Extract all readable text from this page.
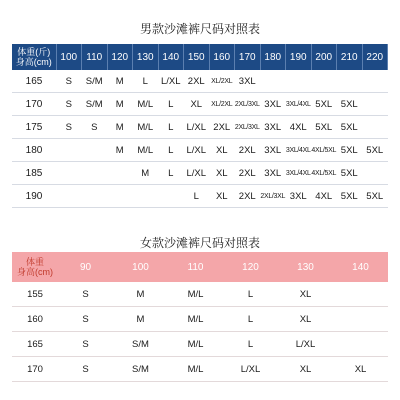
男款沙滩裤尺码对照表
体重(斤)
身高(cm)	100	110	120	130	140	150	160	170	180	190	200	210	220
165	S	S/M	M	L	L/XL	2XL	XL/2XL	3XL					
170	S	S/M	M	M/L	L	XL	XL/2XL	2XL/3XL	3XL	3XL/4XL	5XL	5XL	
175	S	S	M	M/L	L	L/XL	2XL	2XL/3XL	3XL	4XL	5XL	5XL	
180			M	M/L	L	L/XL	XL	2XL	3XL	3XL/4XL	4XL/5XL	5XL	5XL
185				M	L	L/XL	XL	2XL	3XL	3XL/4XL	4XL/5XL	5XL	
190						L	XL	2XL	2XL/3XL	3XL	4XL	5XL	5XL
女款沙滩裤尺码对照表
体重
身高(cm)	90	100	110	120	130	140
155	S	M	M/L	L	XL	
160	S	M	M/L	L	XL	
165	S	S/M	M/L	L	L/XL	
170	S	S/M	M/L	L/XL	XL	XL
